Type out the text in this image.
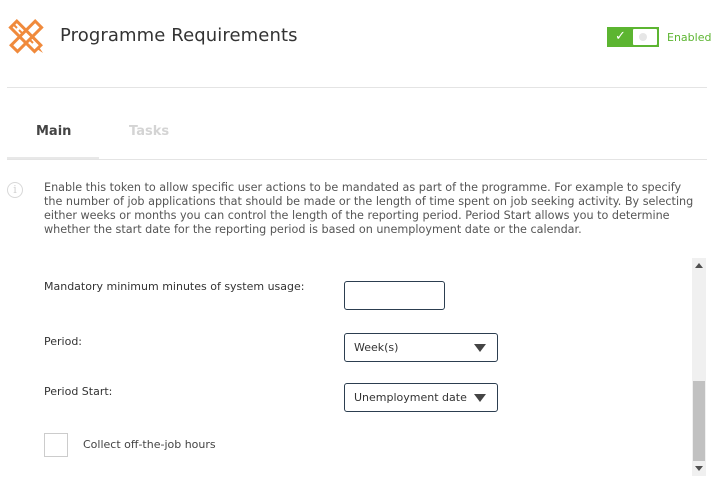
Programme Requirements	✓	Enabled
Main	Tasks
i	Enable this token to allow specific user actions to be mandated as part of the programme. For example to specify the number of job applications that should be made or the length of time spent on job seeking activity. By selecting either weeks or months you can control the length of the reporting period. Period Start allows you to determine whether the start date for the reporting period is based on unemployment date or the calendar.
Mandatory minimum minutes of system usage:
Period:	Week(s)
Period Start:	Unemployment date
Collect off-the-job hours
